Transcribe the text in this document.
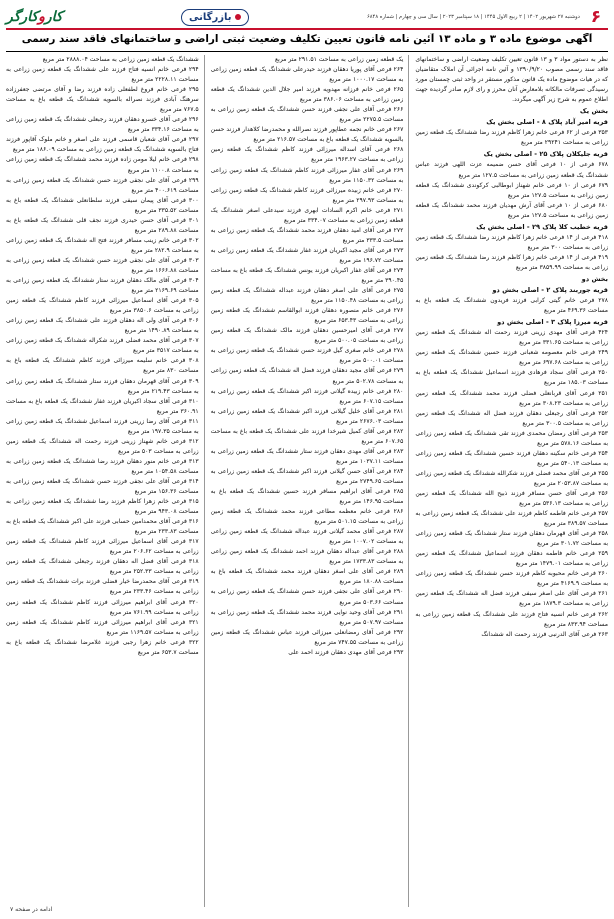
۶
دوشنبه ۲۷ شهریور ۱۴۰۲ | ۲ ربیع الاول ۱۴۴۵ | ۱۸ سپتامبر ۲۰۲۳ | سال سی و چهارم | شماره ۶۸۴۸
بازرگانی
کاروکارگر
آگهی موضوع ماده ۳ و ماده ۱۳ آئین نامه قانون تعیین تکلیف وضعیت ثبتی اراضی و ساختمانهای فاقد سند رسمی

نظر به دستور مواد ۳ و ۱۳ قانون تعیین تکلیف وضعیت اراضی و ساختمانهای فاقد سند رسمی مصوب ۱۳۹۰/۹/۲۰ و آئین نامه اجرائی آن املاک متقاضیان که در هیات موضوع ماده یک قانون مذکور مستقر در واحد ثبتی چمستان مورد رسیدگی تصرفات مالکانه بلامعارض آنان محرز و رای لازم صادر گردیده جهت اطلاع عموم به شرح زیر آگهی میگردد.

بخش یک

قریه امیر آباد پلاک ۸ - اصلی بخش یک

۳۵۳ فرعی از ۶۲ فرعی خانم زهرا کاظم فرزند رضا ششدانگ یک قطعه زمین زراعی به مساحت ۲۹۲۴۱ متر مربع

قریه جلیکلان پلاک ۲۵ - اصلی بخش یک

۶۷۸ فرعی از ۱۰ فرعی آقای حسن ضمیمه عزت اللهی فرزند عباس ششدانگ یک قطعه زمین زراعی به مساحت ۱۲۷.۵ متر مربع

۶۷۹ فرعی از ۱۰ فرعی خانم شهناز ابوطالبی کرکوندی ششدانگ یک قطعه زمین زراعی به مساحت ۱۲۷.۵ متر مربع

۶۸۰ فرعی از ۱۰ فرعی آقای آرش مهدیان فرزند محمد ششدانگ یک قطعه زمین زراعی به مساحت ۱۲۷.۵ متر مربع

قریه خطیب کلا پلاک ۲۹ - اصلی بخش یک

۴۱۸ فرعی از ۱۴ فرعی خانم زهرا کاظم فرزند رضا ششدانگ یک قطعه زمین زراعی به مساحت ۳۰۰ متر مربع

۴۱۹ فرعی از ۱۴ فرعی خانم زهرا کاظم فرزند رضا ششدانگ یک قطعه زمین زراعی به مساحت ۳۸۵۹.۹۹ متر مربع

بخش دو

قریه جوربند پلاک ۲ - اصلی بخش دو

۲۷۸ فرعی خانم گیتی کرابی فرزند فریدون ششدانگ یک قطعه باغ به مساحت ۴۶۹.۳۶ متر مربع

قریه میرزا پلاک ۳ - اصلی بخش دو

۴۲۴ فرعی آقای مهدی زرینی فرزند رحمت اله ششدانگ یک قطعه زمین زراعی به مساحت ۳۳۱.۶۵ متر مربع

۲۴۹ فرعی خانم معصومه شعبانی فرزند حسین ششدانگ یک قطعه زمین زراعی به مساحت ۶۹۷.۶۸ متر مربع

۲۵۰ فرعی آقای سجاد فرهادی فرزند اسماعیل ششدانگ یک قطعه باغ به مساحت ۱۸۵.۰۳ متر مربع

۲۵۱ فرعی آقای قربانعلی فضلی فرزند محمد ششدانگ یک قطعه زمین زراعی به مساحت ۳۰۸.۲۳ متر مربع

۲۵۲ فرعی آقای رجبعلی دهقان فرزند فضل اله ششدانگ یک قطعه زمین زراعی به مساحت ۳۰۰.۵ متر مربع

۲۵۳ فرعی آقای رمضان محمدی فرزند تقی ششدانگ یک قطعه زمین زراعی به مساحت ۵۷۸.۱۶ متر مربع

۲۵۴ فرعی خانم سکینه دهقان فرزند حسین ششدانگ یک قطعه زمین زراعی به مساحت ۵۴۰.۱۳ متر مربع

۲۵۵ فرعی آقای محمد فضلی فرزند شکرالله ششدانگ یک قطعه زمین زراعی به مساحت ۲۰۵۳.۸۷ متر مربع

۲۵۶ فرعی آقای حسن مسافر فرزند ذبیح الله ششدانگ یک قطعه زمین زراعی به مساحت ۵۳۶.۱۳ متر مربع

۲۵۷ فرعی خانم فاطمه کاظم فرزند علی ششدانگ یک قطعه زمین زراعی به مساحت ۳۸۹.۵۷ متر مربع

۲۵۸ فرعی آقای قهرمان دهقان فرزند ستار ششدانگ یک قطعه زمین زراعی به مساحت ۳۰۱.۷۲ متر مربع

۲۵۹ فرعی خانم فاطمه دهقان فرزند اسماعیل ششدانگ یک قطعه زمین زراعی به مساحت ۱۴۷۹.۰۱ متر مربع

۲۶۰ فرعی خانم محبوبه کاظم فرزند حسن ششدانگ یک قطعه زمین زراعی به مساحت ۴۱۶۹.۹ متر مربع

۲۶۱ فرعی آقای علی اصغر سیفی فرزند فضل اله ششدانگ یک قطعه زمین زراعی به مساحت ۱۸۷۹.۳ متر مربع

۲۶۲ فرعی خانم انسیه فتاح فرزند علی ششدانگ یک قطعه زمین زراعی به مساحت ۸۳۳.۹۴ متر مربع

۲۶۳ فرعی آقای الدرنبی فرزند رحمت اله ششدانگ

یک قطعه زمین زراعی به مساحت ۲۹۱.۵۱ متر مربع

۲۶۴ فرعی آقای پوریا دهقان فرزند حیدرعلی ششدانگ یک قطعه زمین زراعی به مساحت ۱۰۰۰.۱۷ متر مربع

۲۶۵ فرعی خانم فرزانه مهدویه فرزند امیر جلال الدین ششدانگ یک قطعه زمین زراعی به مساحت ۳۸۶.۰۶ متر مربع

۲۶۶ فرعی آقای علی نجفی فرزند حسن ششدانگ یک قطعه زمین زراعی به مساحت ۲۲۷۵.۵ متر مربع

۲۶۷ فرعی خانم نجمه عطاپور فرزند نصرالله و محمدرضا کلاهدار فرزند حسن بالسویه ششدانگ یک قطعه باغ به مساحت ۲۱۶.۵۷ متر مربع

۲۶۸ فرعی آقای اسداله میرزائی فرزند کاظم ششدانگ یک قطعه زمین زراعی به مساحت ۱۹۶۳.۲۷ متر مربع

۲۶۹ فرعی آقای غفار میرزائی فرزند کاظم ششدانگ یک قطعه زمین زراعی به مساحت ۱۱۵۰.۳۲ متر مربع

۲۷۰ فرعی خانم زبیده میرزائی فرزند کاظم ششدانگ یک قطعه زمین زراعی به مساحت ۲۹۷.۹۳ متر مربع

۲۷۱ فرعی خانم اکرم السادات ابهری فرزند سیدعلی اصغر ششدانگ یک قطعه زمین زراعی به مساحت ۳۳۴.۰۷ متر مربع

۲۷۲ فرعی آقای امید دهقان فرزند محمد ششدانگ یک قطعه زمین زراعی به مساحت ۳۳۳.۵ متر مربع

۲۷۳ فرعی آقای مجید اکبریان فرزند غفار ششدانگ یک قطعه زمین زراعی به مساحت ۱۹۶.۷۲ متر مربع

۲۷۴ فرعی آقای غفار اکبریان فرزند یونس ششدانگ یک قطعه باغ به مساحت ۳۹۰.۴۵ متر مربع

۲۷۵ فرعی آقای علی اصغر دهقان فرزند عبداله ششدانگ یک قطعه زمین زراعی به مساحت ۱۱۵۰.۴۸ متر مربع

۲۷۶ فرعی خانم منصوره دهقان فرزند ابوالقاسم ششدانگ یک قطعه زمین زراعی به مساحت ۶۵۳.۴۳ متر مربع

۲۷۷ فرعی آقای امیرحسین دهقان فرزند مالک ششدانگ یک قطعه زمین زراعی به مساحت ۵۰۰.۰۵ متر مربع

۲۷۸ فرعی خانم صغری گیل فرزند حسن ششدانگ یک قطعه زمین زراعی به مساحت ۵۰۰.۰۱ متر مربع

۲۷۹ فرعی آقای مجید دهقان فرزند فضل اله ششدانگ یک قطعه زمین زراعی به مساحت ۵۰۲.۷۸ متر مربع

۲۸۰ فرعی خانم زبیده گیلانی فرزند اکبر ششدانگ یک قطعه زمین زراعی به مساحت ۶۰۷.۱۵ متر مربع

۲۸۱ فرعی آقای خلیل گیلانی فرزند اکبر ششدانگ یک قطعه زمین زراعی به مساحت ۲۶۷۶.۰۳ متر مربع

۲۸۲ فرعی آقای کمیل شیرخدا فرزند علی ششدانگ یک قطعه باغ به مساحت ۶۰۷.۶۵ متر مربع

۲۸۳ فرعی آقای مهدی دهقان فرزند ستار ششدانگ یک قطعه زمین زراعی به مساحت ۱۰۳۷.۱۱ متر مربع

۲۸۴ فرعی آقای حسن گیلانی فرزند اکبر ششدانگ یک قطعه زمین زراعی به مساحت ۲۷۴۹.۶۵ متر مربع

۲۸۵ فرعی آقای ابراهیم مسافر فرزند حسین ششدانگ یک قطعه باغ به مساحت ۱۴۶.۹۵ متر مربع

۲۸۶ فرعی خانم معظمه مطاعی فرزند محمد ششدانگ یک قطعه زمین زراعی به مساحت ۵۰۱.۱۵ متر مربع

۲۸۷ فرعی آقای محمد گیلانی فرزند عبداله ششدانگ یک قطعه زمین زراعی به مساحت ۱۰۰۷.۰۲ متر مربع

۲۸۸ فرعی آقای عبداله دهقان فرزند احمد ششدانگ یک قطعه زمین زراعی به مساحت ۱۷۳۳.۸۳ متر مربع

۲۸۹ فرعی آقای علی اصغر دهقان فرزند محمد ششدانگ یک قطعه باغ به مساحت ۱۸۰.۸۸ متر مربع

۲۹۰ فرعی آقای علی نجفی فرزند حسن ششدانگ یک قطعه زمین زراعی به مساحت ۵۰۳.۶۶ متر مربع

۲۹۱ فرعی آقای وحید نوایی فرزند محمد ششدانگ یک قطعه زمین زراعی به مساحت ۵۰۷.۹۷ متر مربع

۲۹۲ فرعی آقای رمضانعلی میرزائی فرزند عباس ششدانگ یک قطعه زمین زراعی به مساحت ۷۴۷.۵۵ متر مربع

۲۹۳ فرعی آقای مهدی دهقان فرزند احمد علی

ششدانگ یک قطعه زمین زراعی به مساحت ۲۸۸۸.۰۴ متر مربع

۲۹۴ فرعی خانم انسیه فتاح فرزند علی ششدانگ یک قطعه زمین زراعی به مساحت ۲۲۲۸.۱۱ متر مربع

۲۹۵ فرعی خانم فروغ لطفعلی زاده فرزند رضا و آقای مرتضی جعفرزاده سرهنگ آبادی فرزند نصراله بالسویه ششدانگ یک قطعه باغ به مساحت ۷۶۷.۵ متر مربع

۲۹۶ فرعی آقای خسرو دهقان فرزند رجبعلی ششدانگ یک قطعه زمین زراعی به مساحت ۳۳۴.۱۶ متر مربع

۲۹۷ فرعی آقای شعبان قاسمی فرزند علی اصغر و خانم ملوک آقاپور فرزند فتاح بالسویه ششدانگ یک قطعه زمین زراعی به مساحت ۱۸۶.۰۹ متر مربع

۲۹۸ فرعی خانم لیلا مومن زاده فرزند محمد ششدانگ یک قطعه زمین زراعی به مساحت ۱۱۰۰.۸ متر مربع

۲۹۹ فرعی آقای علی نجفی فرزند حسن ششدانگ یک قطعه زمین زراعی به مساحت ۴۰۰.۶۱۹ متر مربع

۳۰۰ فرعی آقای پیمان سیفی فرزند سلطانعلی ششدانگ یک قطعه باغ به مساحت ۳۳۵.۵۲ متر مربع

۳۰۱ فرعی آقای حسن حیدری فرزند نجف قلی ششدانگ یک قطعه باغ به مساحت ۲۸۹.۸۸ متر مربع

۳۰۲ فرعی خانم زینب مسافر فرزند فتح اله ششدانگ یک قطعه زمین زراعی به مساحت ۲۸۲.۹ متر مربع

۳۰۳ فرعی آقای علی نجفی فرزند حسن ششدانگ یک قطعه زمین زراعی به مساحت ۱۶۶۶.۸۸ متر مربع

۳۰۴ فرعی آقای مالک دهقان فرزند ستار ششدانگ یک قطعه زمین زراعی به مساحت ۲۱۶۹.۶۹ متر مربع

۳۰۵ فرعی آقای اسماعیل میرزائی فرزند کاظم ششدانگ یک قطعه زمین زراعی به مساحت ۳۸۵۰.۶ متر مربع

۳۰۶ فرعی آقای ولی اله دهقان فرزند علی ششدانگ یک قطعه زمین زراعی به مساحت ۱۴۹۰.۸۹ متر مربع

۳۰۷ فرعی آقای محمد فضلی فرزند شکراله ششدانگ یک قطعه زمین زراعی به مساحت ۳۵۱۷ متر مربع

۳۰۸ فرعی خانم سلیمه میرزائی فرزند کاظم ششدانگ یک قطعه باغ به مساحت ۸۳۰ متر مربع

۳۰۹ فرعی آقای قهرمان دهقان فرزند ستار ششدانگ یک قطعه زمین زراعی به مساحت ۲۱۹.۴۳ متر مربع

۳۱۰ فرعی آقای سجاد اکبریان فرزند غفار ششدانگ یک قطعه باغ به مساحت ۳۶۰.۹۱ متر مربع

۳۱۱ فرعی آقای رضا زرینی فرزند اسماعیل ششدانگ یک قطعه زمین زراعی به مساحت ۱۹۷.۳۵ متر مربع

۳۱۲ فرعی خانم شهناز زرینی فرزند رحمت اله ششدانگ یک قطعه زمین زراعی به مساحت ۵۰۳ متر مربع

۳۱۳ فرعی خانم منور دهقان فرزند رضا ششدانگ یک قطعه زمین زراعی به مساحت ۱۰۵۴.۵۸ متر مربع

۳۱۴ فرعی آقای علی نجفی فرزند حسن ششدانگ یک قطعه زمین زراعی به مساحت ۱۵۶.۳۶ متر مربع

۳۱۵ فرعی خانم زهرا کاظم فرزند رضا ششدانگ یک قطعه زمین زراعی به مساحت ۹۴۳.۰۸ متر مربع

۳۱۶ فرعی آقای محمدامین حسابی فرزند علی اکبر ششدانگ یک قطعه باغ به مساحت ۲۳۳.۸۳ متر مربع

۳۱۷ فرعی آقای اسماعیل میرزائی فرزند کاظم ششدانگ یک قطعه زمین زراعی به مساحت ۲۰۶.۶۲ متر مربع

۳۱۸ فرعی آقای فضل اله دهقان فرزند رجبعلی ششدانگ یک قطعه زمین زراعی به مساحت ۲۵۲.۳۳ متر مربع

۳۱۹ فرعی آقای محمدرضا خیار فضلی فرزند برات ششدانگ یک قطعه زمین زراعی به مساحت ۲۳۳.۴۶ متر مربع

۳۲۰ فرعی آقای ابراهیم میرزائی فرزند کاظم ششدانگ یک قطعه زمین زراعی به مساحت ۷۶۱.۹۹ متر مربع

۳۲۱ فرعی آقای ابراهیم میرزائی فرزند کاظم ششدانگ یک قطعه زمین زراعی به مساحت ۱۱۶۹.۵۷ متر مربع

۳۲۲ فرعی خانم زهرا رجبی فرزند غلامرضا ششدانگ یک قطعه باغ به مساحت ۶۵۳.۷ متر مربع

ادامه در صفحه ۷
